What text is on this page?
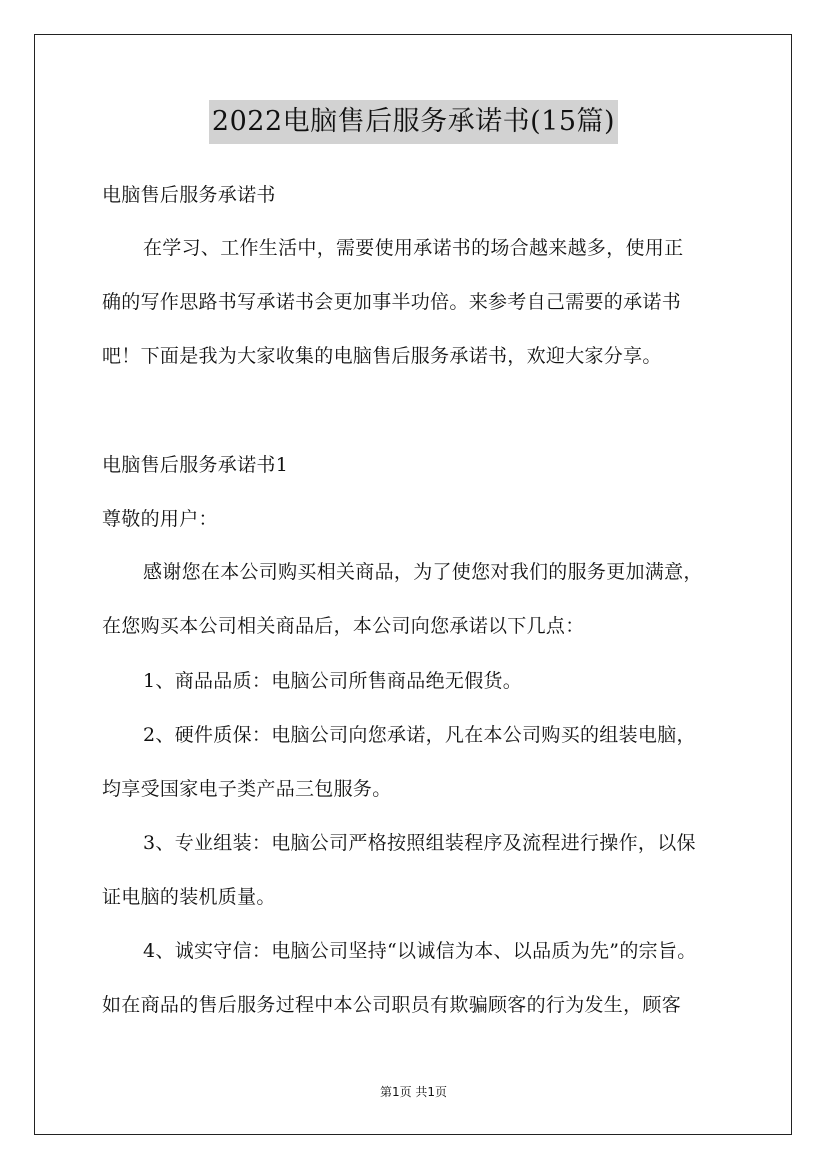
2022电脑售后服务承诺书(15篇)
电脑售后服务承诺书
在学习、工作生活中，需要使用承诺书的场合越来越多，使用正
确的写作思路书写承诺书会更加事半功倍。来参考自己需要的承诺书
吧！下面是我为大家收集的电脑售后服务承诺书，欢迎大家分享。
电脑售后服务承诺书1
尊敬的用户：
感谢您在本公司购买相关商品，为了使您对我们的服务更加满意，
在您购买本公司相关商品后，本公司向您承诺以下几点：
1、商品品质：电脑公司所售商品绝无假货。
2、硬件质保：电脑公司向您承诺，凡在本公司购买的组装电脑，
均享受国家电子类产品三包服务。
3、专业组装：电脑公司严格按照组装程序及流程进行操作，以保
证电脑的装机质量。
4、诚实守信：电脑公司坚持“以诚信为本、以品质为先”的宗旨。
如在商品的售后服务过程中本公司职员有欺骗顾客的行为发生，顾客
第1页 共1页
